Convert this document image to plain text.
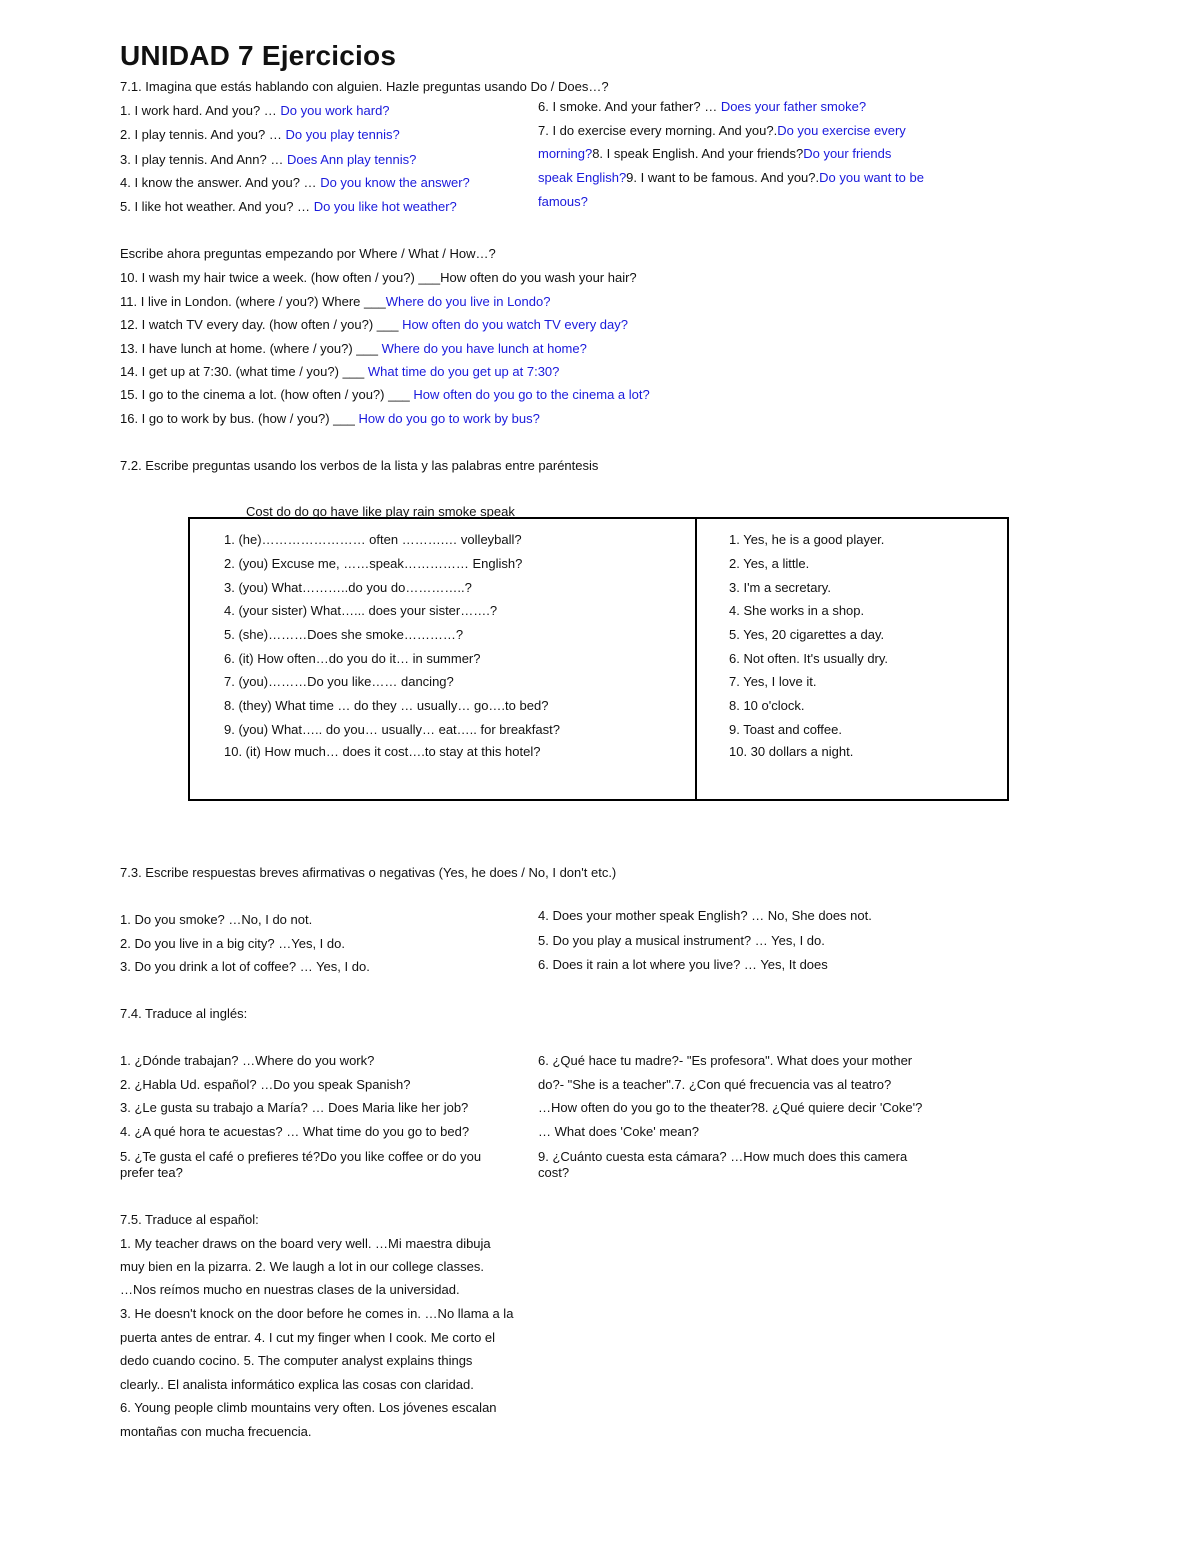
UNIDAD 7 Ejercicios
7.1. Imagina que estás hablando con alguien. Hazle preguntas usando Do / Does…?
1. I work hard. And you? … Do you work hard?
2. I play tennis. And you? … Do you play tennis?
3. I play tennis. And Ann? … Does Ann play tennis?
4. I know the answer. And you? … Do you know the answer?
5. I like hot weather. And you? … Do you like hot weather?
6. I smoke. And your father? … Does your father smoke?
7. I do exercise every morning. And you?.Do you exercise every
morning?8. I speak English. And your friends?Do your friends
speak English?9. I want to be famous. And you?.Do you want to be
famous?
Escribe ahora preguntas empezando por Where / What / How…?
10. I wash my hair twice a week. (how often / you?) ___How often do you wash your hair?
11. I live in London. (where / you?) Where ___Where do you live in Londo?
12. I watch TV every day. (how often / you?) ___ How often do you watch TV every day?
13. I have lunch at home. (where / you?) ___ Where do you have lunch at home?
14. I get up at 7:30. (what time / you?) ___ What time do you get up at 7:30?
15. I go to the cinema a lot. (how often / you?) ___ How often do you go to the cinema a lot?
16. I go to work by bus. (how / you?) ___ How do you go to work by bus?
7.2. Escribe preguntas usando los verbos de la lista y las palabras entre paréntesis
Cost do do go have like play rain smoke speak
1. (he)…………………… often ……….… volleyball?
2. (you) Excuse me, ……speak…………… English?
3. (you) What………..do you do…………..?
4. (your sister) What…... does your sister…….?
5. (she)………Does she smoke…………?
6. (it) How often…do you do it… in summer?
7. (you)………Do you like…… dancing?
8. (they) What time … do they … usually… go….to bed?
9. (you) What….. do you… usually… eat….. for breakfast?
10. (it) How much… does it cost….to stay at this hotel?
1. Yes, he is a good player.
2. Yes, a little.
3. I'm a secretary.
4. She works in a shop.
5. Yes, 20 cigarettes a day.
6. Not often. It's usually dry.
7. Yes, I love it.
8. 10 o'clock.
9. Toast and coffee.
10. 30 dollars a night.
7.3. Escribe respuestas breves afirmativas o negativas (Yes, he does / No, I don't etc.)
1. Do you smoke? …No, I do not.
2. Do you live in a big city? …Yes, I do.
3. Do you drink a lot of coffee? … Yes, I do.
4. Does your mother speak English? … No, She does not.
5. Do you play a musical instrument? … Yes, I do.
6. Does it rain a lot where you live? … Yes, It does
7.4. Traduce al inglés:
1. ¿Dónde trabajan? …Where do you work?
2. ¿Habla Ud. español? …Do you speak Spanish?
3. ¿Le gusta su trabajo a María? … Does Maria like her job?
4. ¿A qué hora te acuestas? … What time do you go to bed?
5. ¿Te gusta el café o prefieres té?Do you like coffee or do you
prefer tea?
6. ¿Qué hace tu madre?- "Es profesora". What does your mother
do?- "She is a teacher".7. ¿Con qué frecuencia vas al teatro?
…How often do you go to the theater?8. ¿Qué quiere decir 'Coke'?
… What does 'Coke' mean?
9. ¿Cuánto cuesta esta cámara? …How much does this camera
cost?
7.5. Traduce al español:
1. My teacher draws on the board very well. …Mi maestra dibuja
muy bien en la pizarra. 2. We laugh a lot in our college classes.
…Nos reímos mucho en nuestras clases de la universidad.
3. He doesn't knock on the door before he comes in. …No llama a la
puerta antes de entrar. 4. I cut my finger when I cook. Me corto el
dedo cuando cocino. 5. The computer analyst explains things
clearly.. El analista informático explica las cosas con claridad.
6. Young people climb mountains very often. Los jóvenes escalan
montañas con mucha frecuencia.
